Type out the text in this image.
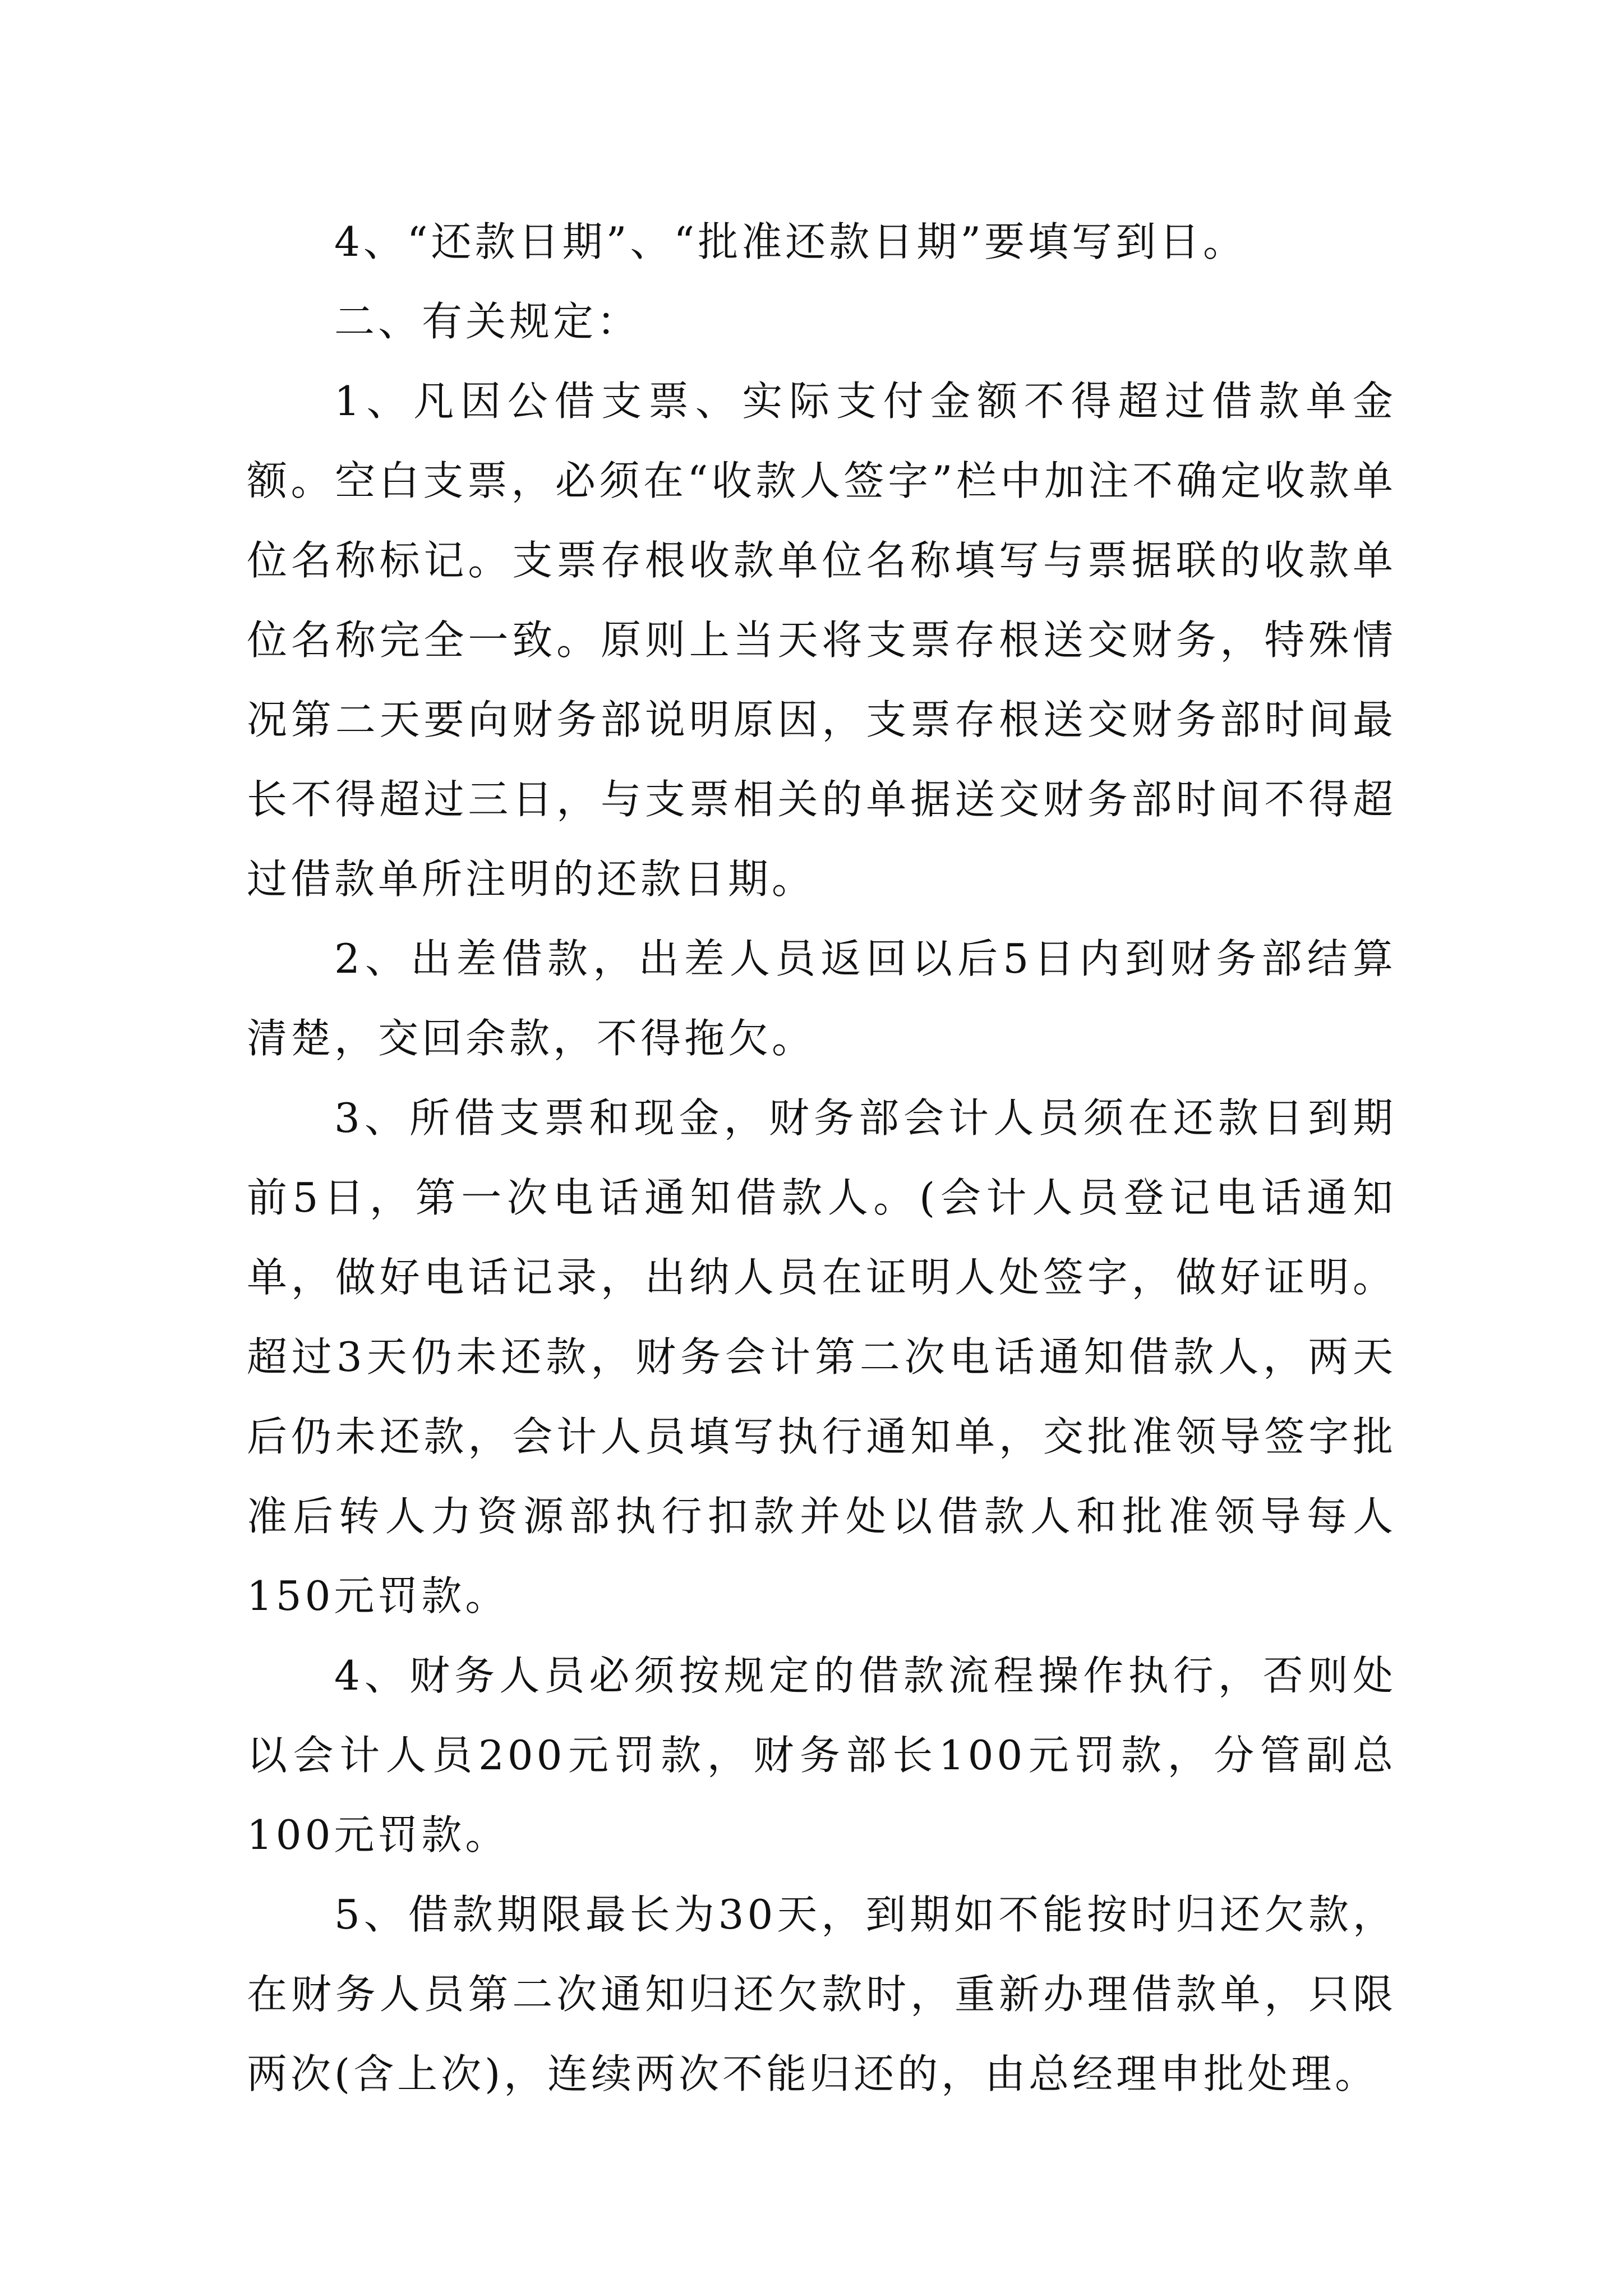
4、“还款日期”、“批准还款日期”要填写到日。

二、有关规定：

1、凡因公借支票、实际支付金额不得超过借款单金额。空白支票，必须在“收款人签字”栏中加注不确定收款单位名称标记。支票存根收款单位名称填写与票据联的收款单位名称完全一致。原则上当天将支票存根送交财务，特殊情况第二天要向财务部说明原因，支票存根送交财务部时间最长不得超过三日，与支票相关的单据送交财务部时间不得超过借款单所注明的还款日期。

2、出差借款，出差人员返回以后5日内到财务部结算清楚，交回余款，不得拖欠。

3、所借支票和现金，财务部会计人员须在还款日到期前5日，第一次电话通知借款人。(会计人员登记电话通知单，做好电话记录，出纳人员在证明人处签字，做好证明。超过3天仍未还款，财务会计第二次电话通知借款人，两天后仍未还款，会计人员填写执行通知单，交批准领导签字批准后转人力资源部执行扣款并处以借款人和批准领导每人150元罚款。

4、财务人员必须按规定的借款流程操作执行，否则处以会计人员200元罚款，财务部长100元罚款，分管副总100元罚款。

5、借款期限最长为30天，到期如不能按时归还欠款，在财务人员第二次通知归还欠款时，重新办理借款单，只限两次(含上次)，连续两次不能归还的，由总经理申批处理。
